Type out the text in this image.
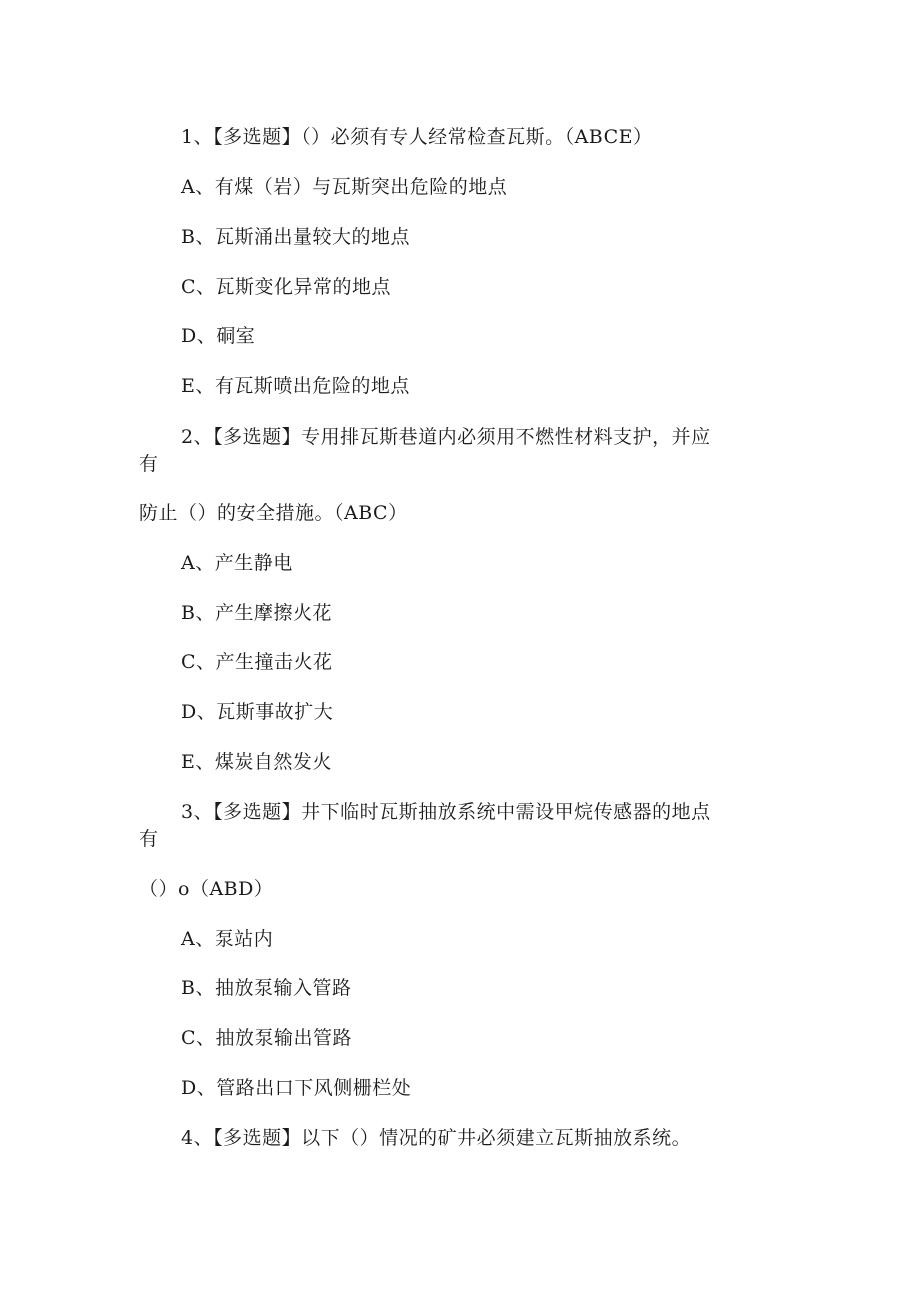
1、【多选题】（）必须有专人经常检查瓦斯。（ABCE）
A、有煤（岩）与瓦斯突出危险的地点
B、瓦斯涌出量较大的地点
C、瓦斯变化异常的地点
D、硐室
E、有瓦斯喷出危险的地点
2、【多选题】专用排瓦斯巷道内必须用不燃性材料支护，并应
有
防止（）的安全措施。（ABC）
A、产生静电
B、产生摩擦火花
C、产生撞击火花
D、瓦斯事故扩大
E、煤炭自然发火
3、【多选题】井下临时瓦斯抽放系统中需设甲烷传感器的地点
有
（）o（ABD）
A、泵站内
B、抽放泵输入管路
C、抽放泵输出管路
D、管路出口下风侧栅栏处
4、【多选题】以下（）情况的矿井必须建立瓦斯抽放系统。
